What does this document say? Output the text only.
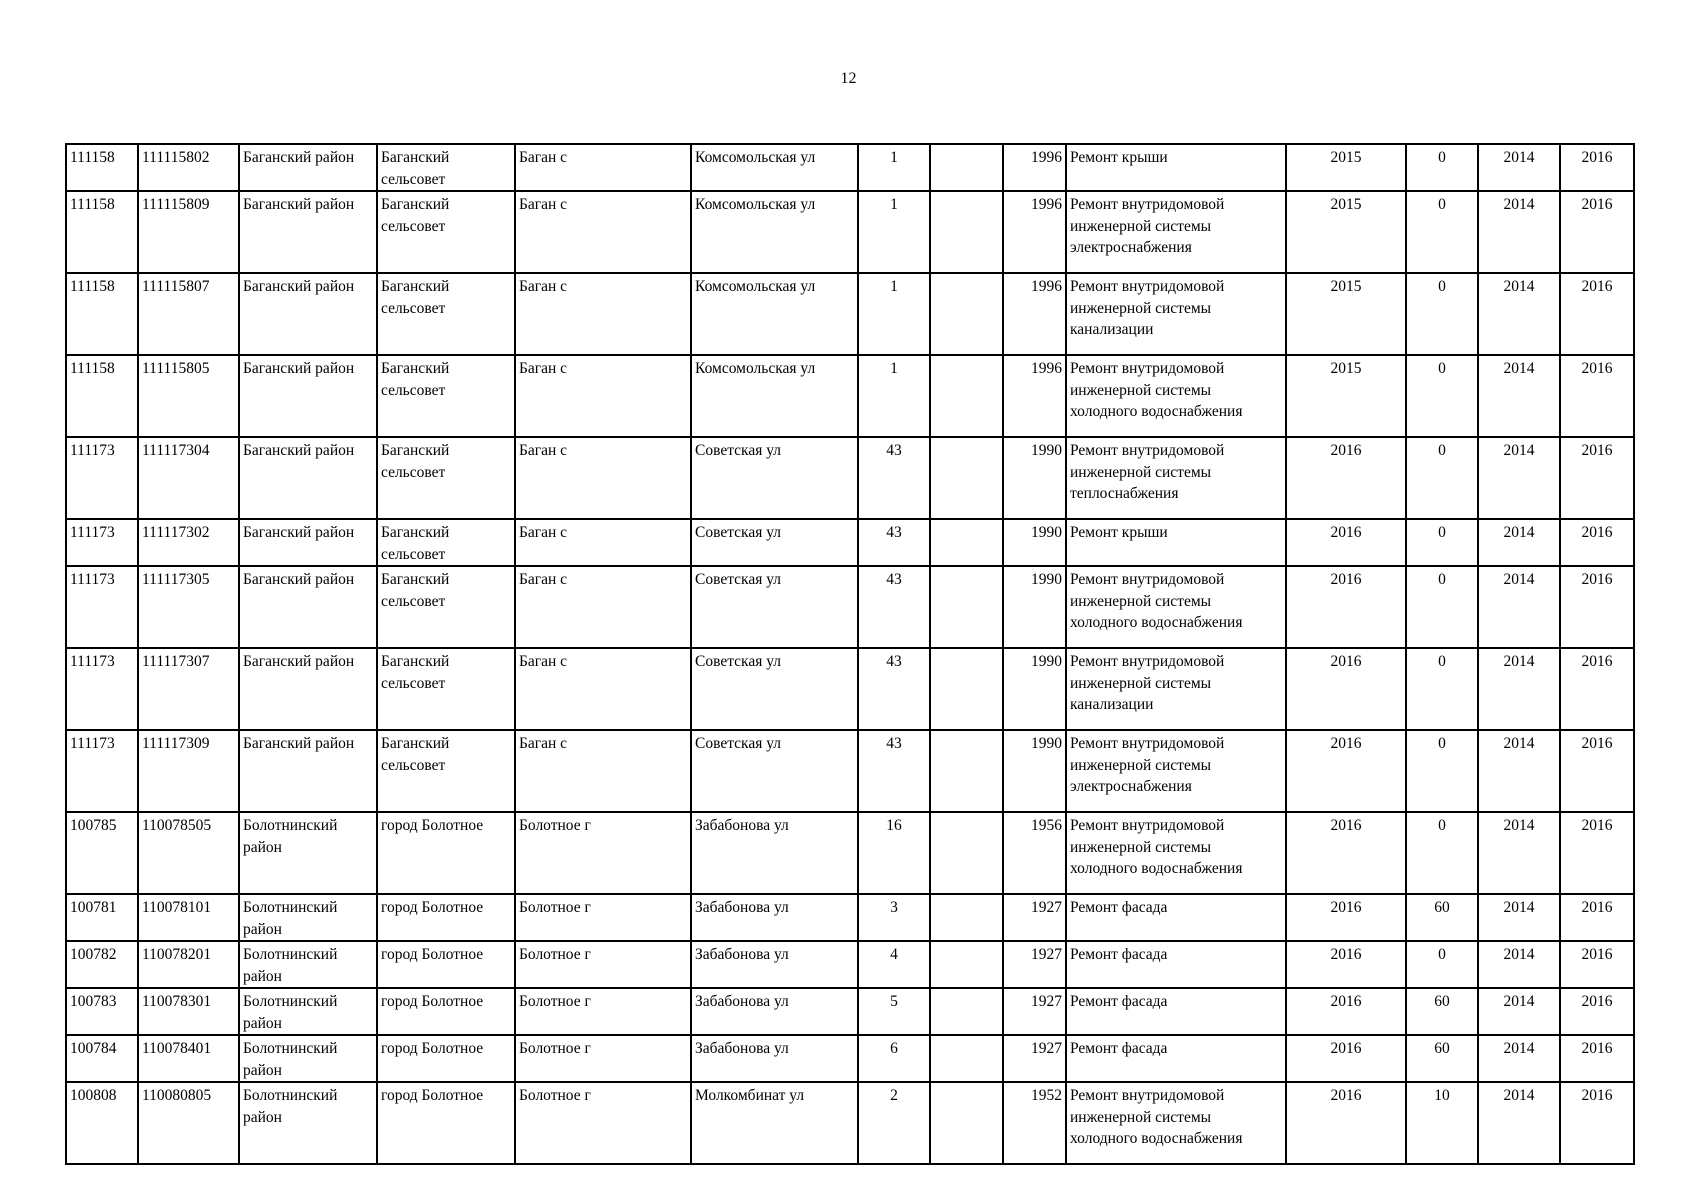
12
111158	111115802	Баганский район	Баганский сельсовет	Баган с	Комсомольская ул	1		1996	Ремонт крыши	2015	0	2014	2016
111158	111115809	Баганский район	Баганский сельсовет	Баган с	Комсомольская ул	1		1996	Ремонт внутридомовой инженерной системы электроснабжения	2015	0	2014	2016
111158	111115807	Баганский район	Баганский сельсовет	Баган с	Комсомольская ул	1		1996	Ремонт внутридомовой инженерной системы канализации	2015	0	2014	2016
111158	111115805	Баганский район	Баганский сельсовет	Баган с	Комсомольская ул	1		1996	Ремонт внутридомовой инженерной системы холодного водоснабжения	2015	0	2014	2016
111173	111117304	Баганский район	Баганский сельсовет	Баган с	Советская ул	43		1990	Ремонт внутридомовой инженерной системы теплоснабжения	2016	0	2014	2016
111173	111117302	Баганский район	Баганский сельсовет	Баган с	Советская ул	43		1990	Ремонт крыши	2016	0	2014	2016
111173	111117305	Баганский район	Баганский сельсовет	Баган с	Советская ул	43		1990	Ремонт внутридомовой инженерной системы холодного водоснабжения	2016	0	2014	2016
111173	111117307	Баганский район	Баганский сельсовет	Баган с	Советская ул	43		1990	Ремонт внутридомовой инженерной системы канализации	2016	0	2014	2016
111173	111117309	Баганский район	Баганский сельсовет	Баган с	Советская ул	43		1990	Ремонт внутридомовой инженерной системы электроснабжения	2016	0	2014	2016
100785	110078505	Болотнинский район	город Болотное	Болотное г	Забабонова ул	16		1956	Ремонт внутридомовой инженерной системы холодного водоснабжения	2016	0	2014	2016
100781	110078101	Болотнинский район	город Болотное	Болотное г	Забабонова ул	3		1927	Ремонт фасада	2016	60	2014	2016
100782	110078201	Болотнинский район	город Болотное	Болотное г	Забабонова ул	4		1927	Ремонт фасада	2016	0	2014	2016
100783	110078301	Болотнинский район	город Болотное	Болотное г	Забабонова ул	5		1927	Ремонт фасада	2016	60	2014	2016
100784	110078401	Болотнинский район	город Болотное	Болотное г	Забабонова ул	6		1927	Ремонт фасада	2016	60	2014	2016
100808	110080805	Болотнинский район	город Болотное	Болотное г	Молкомбинат ул	2		1952	Ремонт внутридомовой инженерной системы холодного водоснабжения	2016	10	2014	2016
